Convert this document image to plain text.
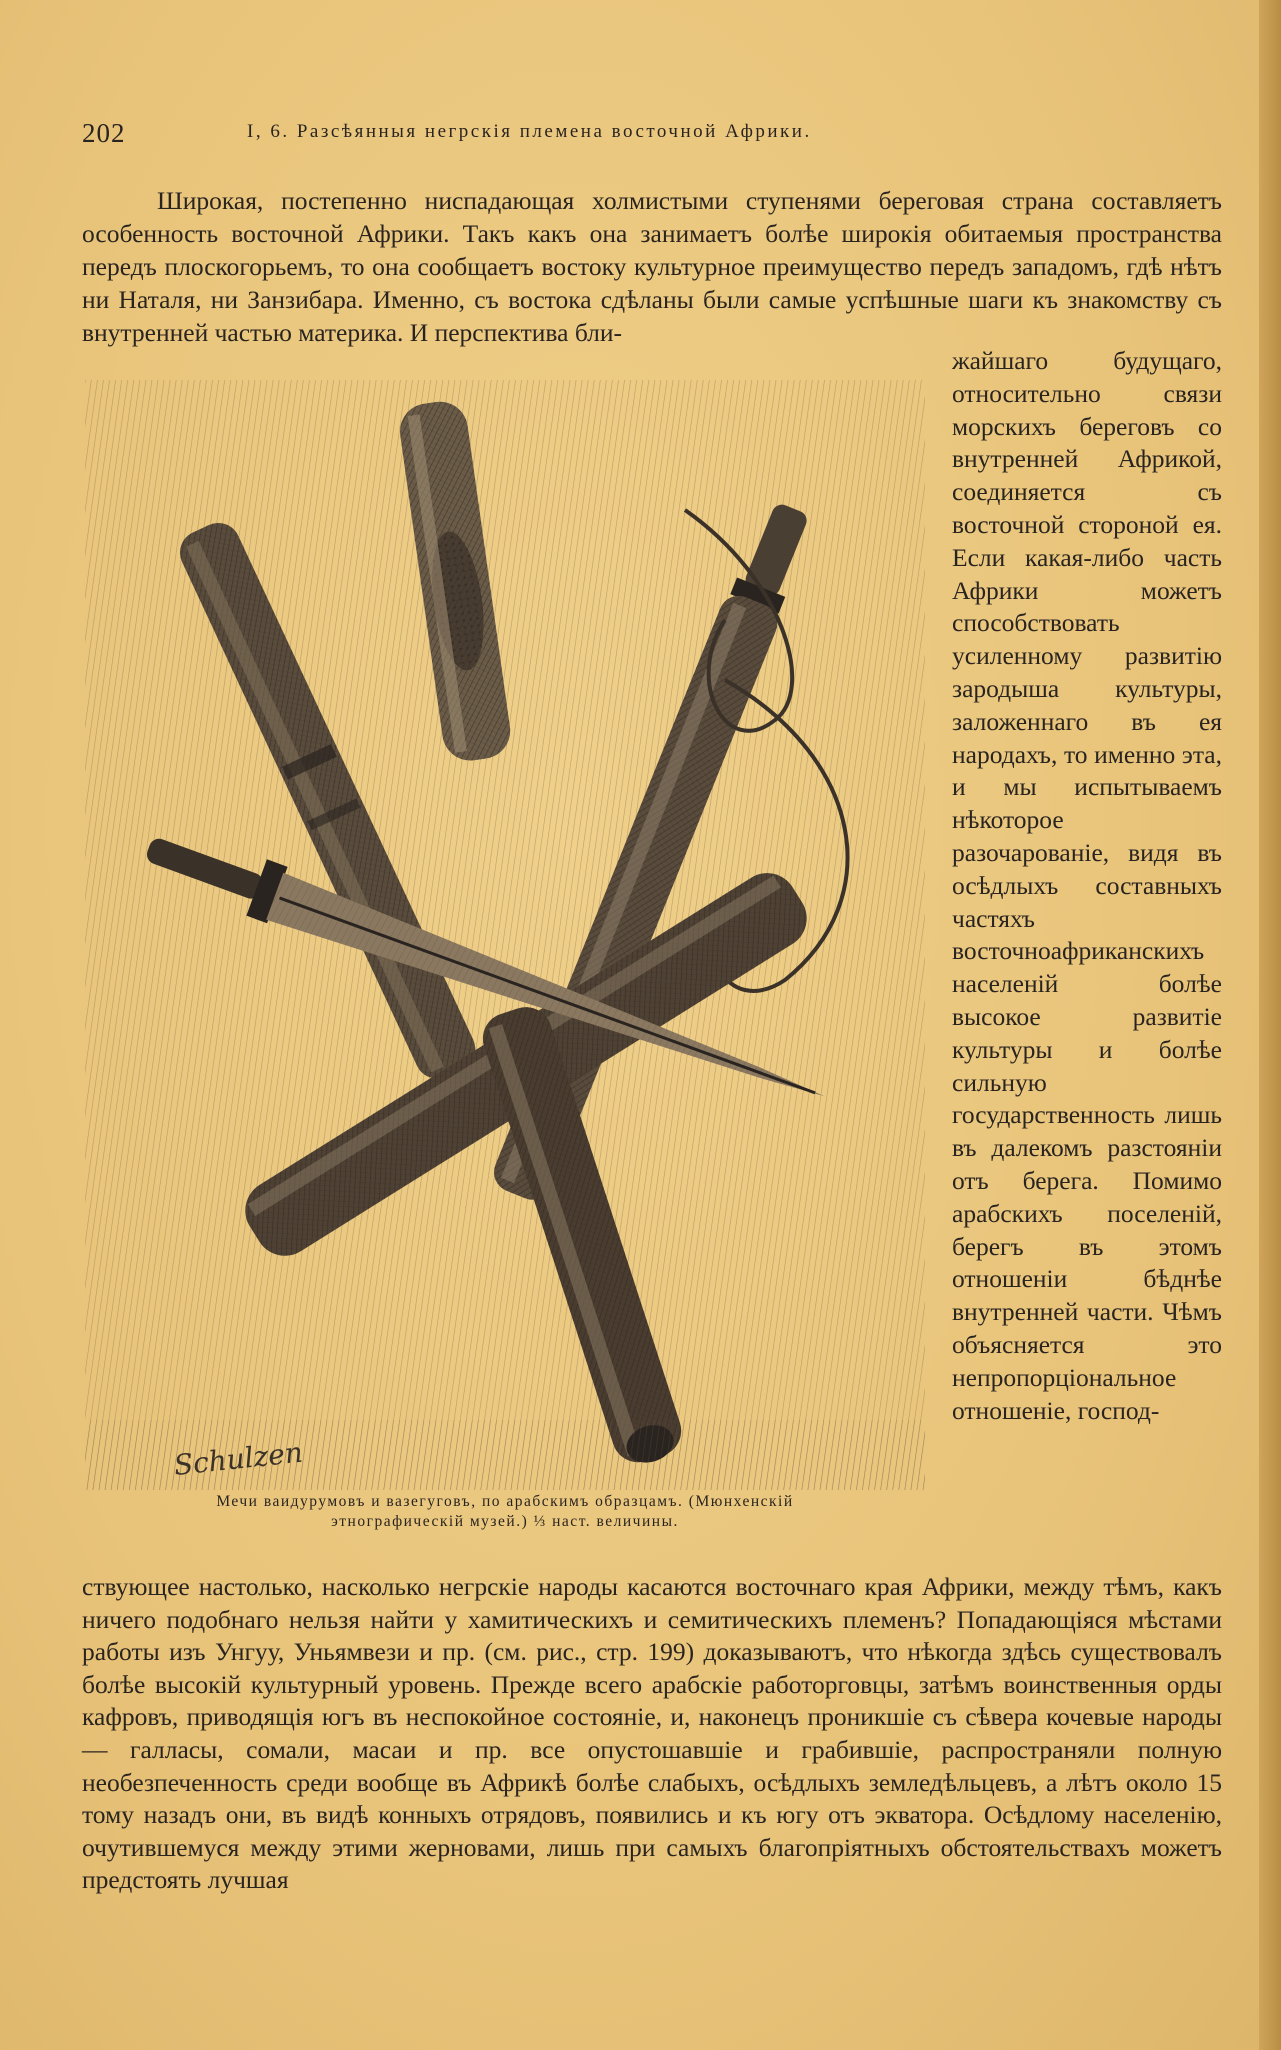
202	I, 6. Разсѣянныя негрскія племена восточной Африки.

Широкая, постепенно ниспадающая холмистыми ступенями береговая страна составляетъ особенность восточной Африки. Такъ какъ она занимаетъ болѣе широкія обитаемыя пространства передъ плоскогорьемъ, то она сообщаетъ востоку культурное преимущество передъ западомъ, гдѣ нѣтъ ни Наталя, ни Занзибара. Именно, съ востока сдѣланы были самые успѣшные шаги къ знакомству съ внутренней частью материка. И перспектива бли-

Schulzen
Мечи ваидурумовъ и вазегуговъ, по арабскимъ образцамъ. (Мюнхенскій
этнографическій музей.) ⅓ наст. величины.

жайшаго будущаго, относительно связи морскихъ береговъ со внутренней Африкой, соединяется съ восточной стороной ея. Если какая-либо часть Африки можетъ способствовать усиленному развитію зародыша культуры, заложеннаго въ ея народахъ, то именно эта, и мы испытываемъ нѣкоторое разочарованіе, видя въ осѣдлыхъ составныхъ частяхъ восточноафриканскихъ населеній болѣе высокое развитіе культуры и болѣе сильную государственность лишь въ далекомъ разстояніи отъ берега. Помимо арабскихъ поселеній, берегъ въ этомъ отношеніи бѣднѣе внутренней части. Чѣмъ объясняется это непропорціональное отношеніе, господ-

ствующее настолько, насколько негрскіе народы касаются восточнаго края Африки, между тѣмъ, какъ ничего подобнаго нельзя найти у хамитическихъ и семитическихъ племенъ? Попадающіяся мѣстами работы изъ Унгуу, Уньямвези и пр. (см. рис., стр. 199) доказываютъ, что нѣкогда здѣсь существовалъ болѣе высокій культурный уровень. Прежде всего арабскіе работорговцы, затѣмъ воинственныя орды кафровъ, приводящія югъ въ неспокойное состояніе, и, наконецъ проникшіе съ сѣвера кочевые народы — галласы, сомали, масаи и пр. все опустошавшіе и грабившіе, распространяли полную необезпеченность среди вообще въ Африкѣ болѣе слабыхъ, осѣдлыхъ земледѣльцевъ, а лѣтъ около 15 тому назадъ они, въ видѣ конныхъ отрядовъ, появились и къ югу отъ экватора. Осѣдлому населенію, очутившемуся между этими жерновами, лишь при самыхъ благопріятныхъ обстоятельствахъ можетъ предстоять лучшая
